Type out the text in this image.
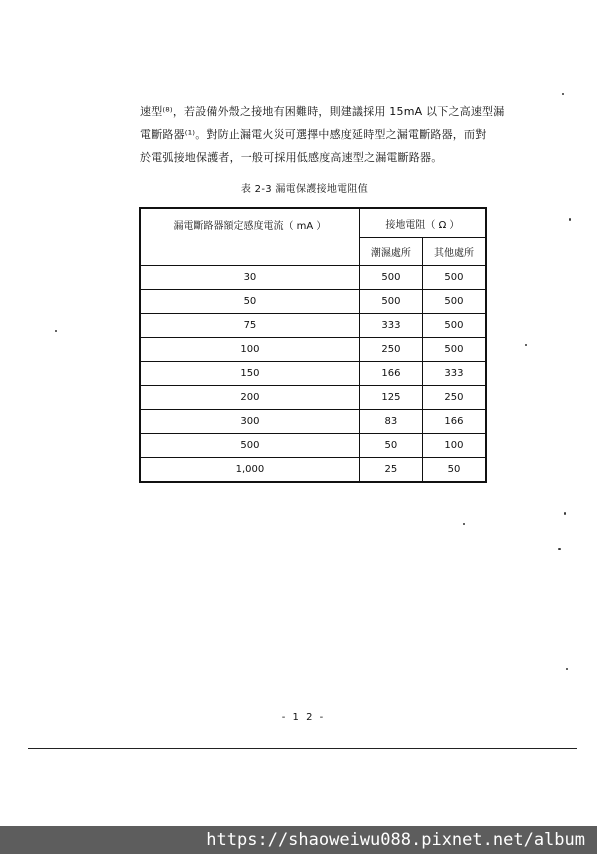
速型⁽⁸⁾，若設備外殼之接地有困難時，則建議採用 15mA 以下之高速型漏
電斷路器⁽¹⁾。對防止漏電火災可選擇中感度延時型之漏電斷路器，而對
於電弧接地保護者，一般可採用低感度高速型之漏電斷路器。
表 2-3 漏電保護接地電阻值
漏電斷路器額定感度電流（ mA ）	接地電阻（ Ω ）	
	潮濕處所	其他處所
30	500	500
50	500	500
75	333	500
100	250	500
150	166	333
200	125	250
300	83	166
500	50	100
1,000	25	50
- 1 2 -
https://shaoweiwu088.pixnet.net/album
